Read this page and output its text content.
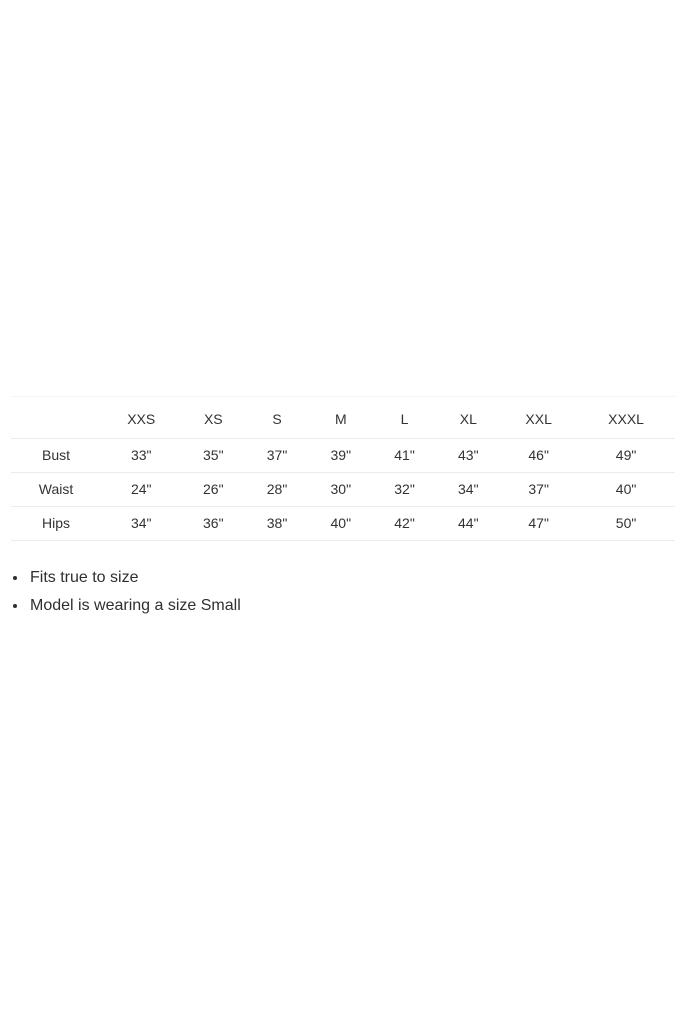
	XXS	XS	S	M	L	XL	XXL	XXXL
Bust	33"	35"	37"	39"	41"	43"	46"	49"
Waist	24"	26"	28"	30"	32"	34"	37"	40"
Hips	34"	36"	38"	40"	42"	44"	47"	50"
Fits true to size
Model is wearing a size Small
